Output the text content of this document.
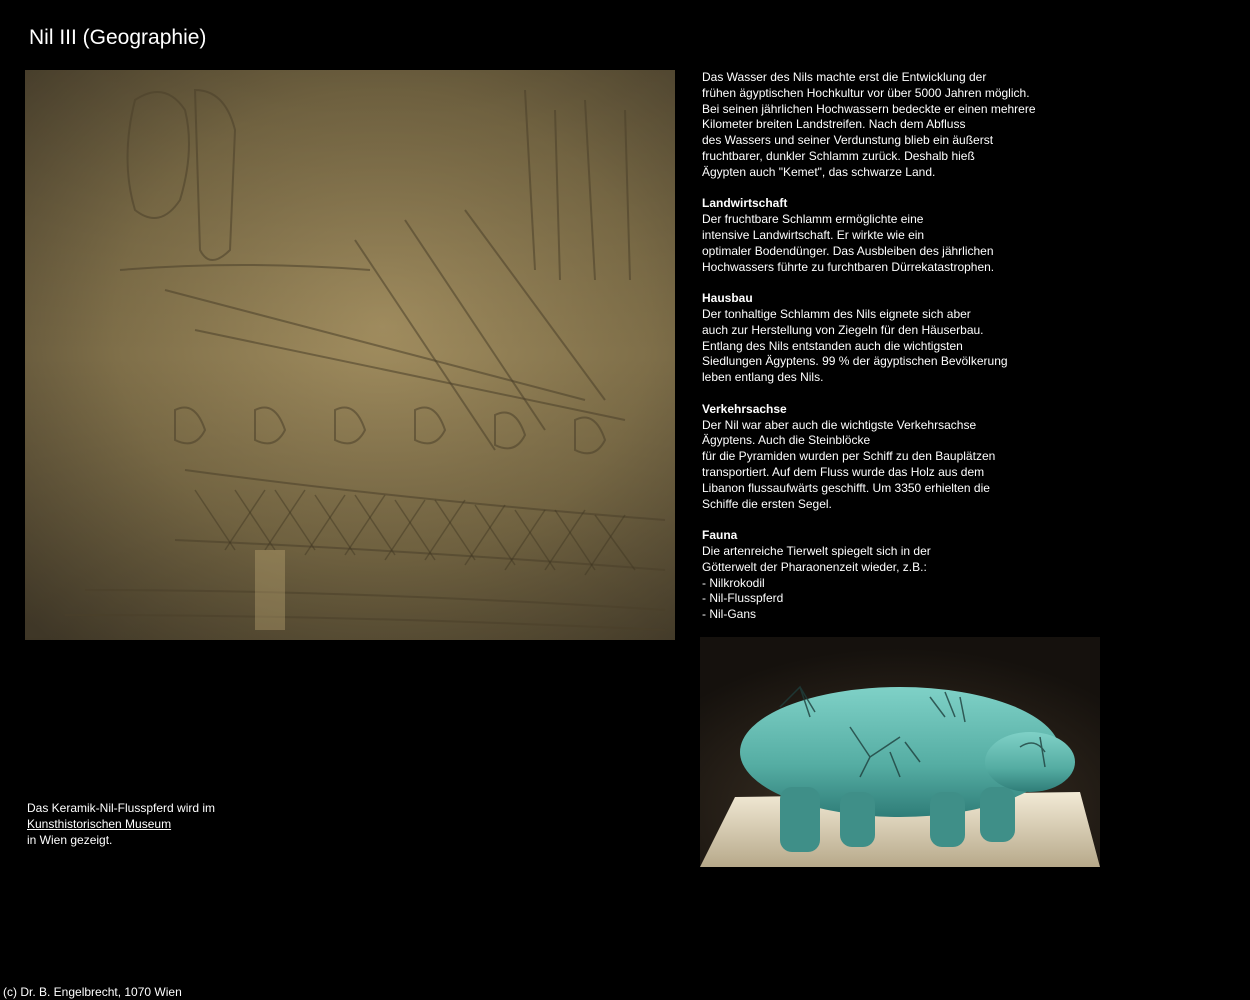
Nil III (Geographie)

Das Wasser des Nils machte erst die Entwicklung der
frühen ägyptischen Hochkultur vor über 5000 Jahren möglich.
Bei seinen jährlichen Hochwassern bedeckte er einen mehrere
Kilometer breiten Landstreifen. Nach dem Abfluss
des Wassers und seiner Verdunstung blieb ein äußerst
fruchtbarer, dunkler Schlamm zurück. Deshalb hieß
Ägypten auch "Kemet", das schwarze Land.

Landwirtschaft
Der fruchtbare Schlamm ermöglichte eine
intensive Landwirtschaft. Er wirkte wie ein
optimaler Bodendünger. Das Ausbleiben des jährlichen
Hochwassers führte zu furchtbaren Dürrekatastrophen.

Hausbau
Der tonhaltige Schlamm des Nils eignete sich aber
auch zur Herstellung von Ziegeln für den Häuserbau.
Entlang des Nils entstanden auch die wichtigsten
Siedlungen Ägyptens. 99 % der ägyptischen Bevölkerung
leben entlang des Nils.

Verkehrsachse
Der Nil war aber auch die wichtigste Verkehrsachse
Ägyptens. Auch die Steinblöcke
für die Pyramiden wurden per Schiff zu den Bauplätzen
transportiert. Auf dem Fluss wurde das Holz aus dem
Libanon flussaufwärts geschifft. Um 3350 erhielten die
Schiffe die ersten Segel.

Fauna
Die artenreiche Tierwelt spiegelt sich in der
Götterwelt der Pharaonenzeit wieder, z.B.:
- Nilkrokodil
- Nil-Flusspferd
- Nil-Gans

Das Keramik-Nil-Flusspferd wird im
Kunsthistorischen Museum
in Wien gezeigt.
(c) Dr. B. Engelbrecht, 1070 Wien
